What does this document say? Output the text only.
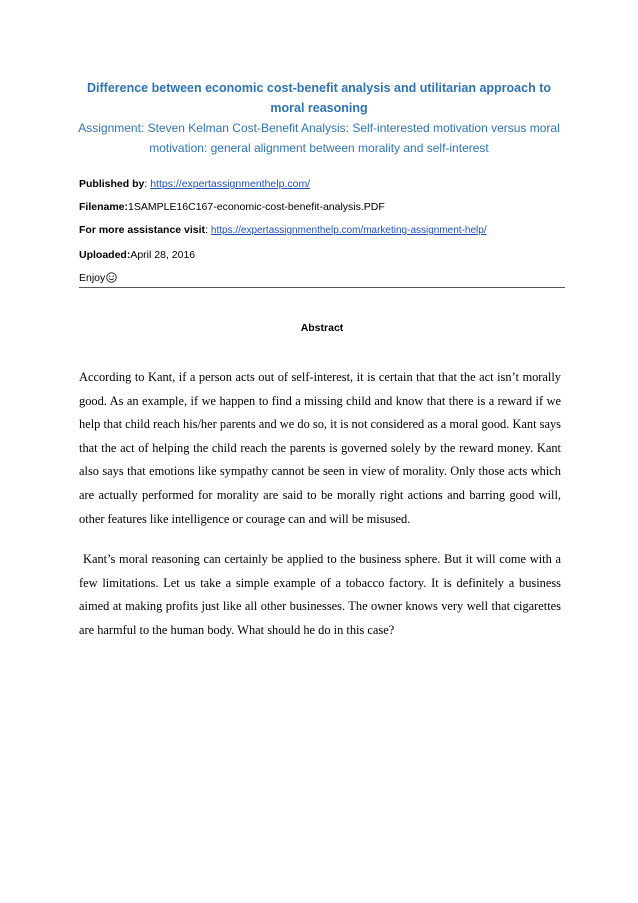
Difference between economic cost-benefit analysis and utilitarian approach to moral reasoning
Assignment: Steven Kelman Cost-Benefit Analysis: Self-interested motivation versus moral motivation: general alignment between morality and self-interest
Published by: https://expertassignmenthelp.com/
Filename:1SAMPLE16C167-economic-cost-benefit-analysis.PDF
For more assistance visit: https://expertassignmenthelp.com/marketing-assignment-help/
Uploaded:April 28, 2016
Enjoy
Abstract
According to Kant, if a person acts out of self-interest, it is certain that that the act isn’t morally good. As an example, if we happen to find a missing child and know that there is a reward if we help that child reach his/her parents and we do so, it is not considered as a moral good. Kant says that the act of helping the child reach the parents is governed solely by the reward money. Kant also says that emotions like sympathy cannot be seen in view of morality. Only those acts which are actually performed for morality are said to be morally right actions and barring good will, other features like intelligence or courage can and will be misused.
Kant’s moral reasoning can certainly be applied to the business sphere. But it will come with a few limitations. Let us take a simple example of a tobacco factory. It is definitely a business aimed at making profits just like all other businesses. The owner knows very well that cigarettes are harmful to the human body. What should he do in this case?
